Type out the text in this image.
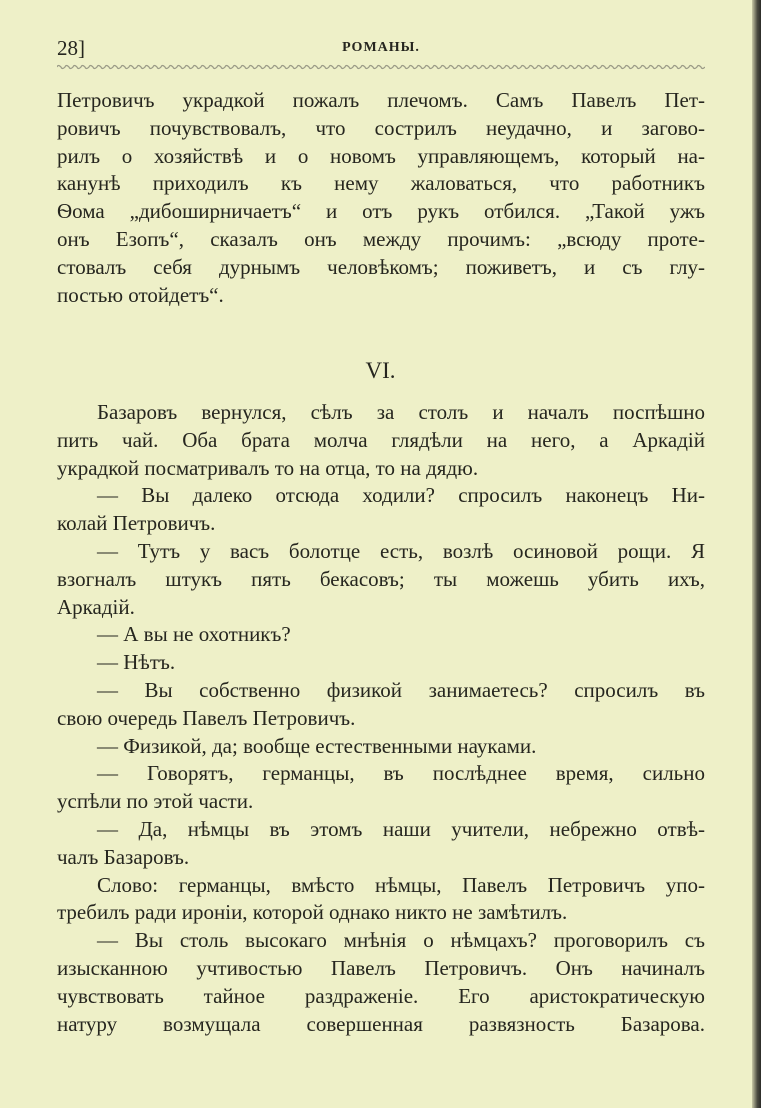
28]	РОМАНЫ.
Петровичъ украдкой пожалъ плечомъ. Самъ Павелъ Пет-
ровичъ почувствовалъ, что сострилъ неудачно, и загово-
рилъ о хозяйствѣ и о новомъ управляющемъ, который на-
канунѣ приходилъ къ нему жаловаться, что работникъ
Ѳома „дибоширничаетъ“ и отъ рукъ отбился. „Такой ужъ
онъ Езопъ“, сказалъ онъ между прочимъ: „всюду проте-
стовалъ себя дурнымъ человѣкомъ; поживетъ, и съ глу-
постью отойдетъ“.
VI.
Базаровъ вернулся, сѣлъ за столъ и началъ поспѣшно
пить чай. Оба брата молча глядѣли на него, а Аркадій
украдкой посматривалъ то на отца, то на дядю.
— Вы далеко отсюда ходили? спросилъ наконецъ Ни-
колай Петровичъ.
— Тутъ у васъ болотце есть, возлѣ осиновой рощи. Я
взогналъ штукъ пять бекасовъ; ты можешь убить ихъ,
Аркадій.
— А вы не охотникъ?
— Нѣтъ.
— Вы собственно физикой занимаетесь? спросилъ въ
свою очередь Павелъ Петровичъ.
— Физикой, да; вообще естественными науками.
— Говорятъ, германцы, въ послѣднее время, сильно
успѣли по этой части.
— Да, нѣмцы въ этомъ наши учители, небрежно отвѣ-
чалъ Базаровъ.
Слово: германцы, вмѣсто нѣмцы, Павелъ Петровичъ упо-
требилъ ради ироніи, которой однако никто не замѣтилъ.
— Вы столь высокаго мнѣнія о нѣмцахъ? проговорилъ съ
изысканною учтивостью Павелъ Петровичъ. Онъ начиналъ
чувствовать тайное раздраженіе. Его аристократическую
натуру возмущала совершенная развязность Базарова.
